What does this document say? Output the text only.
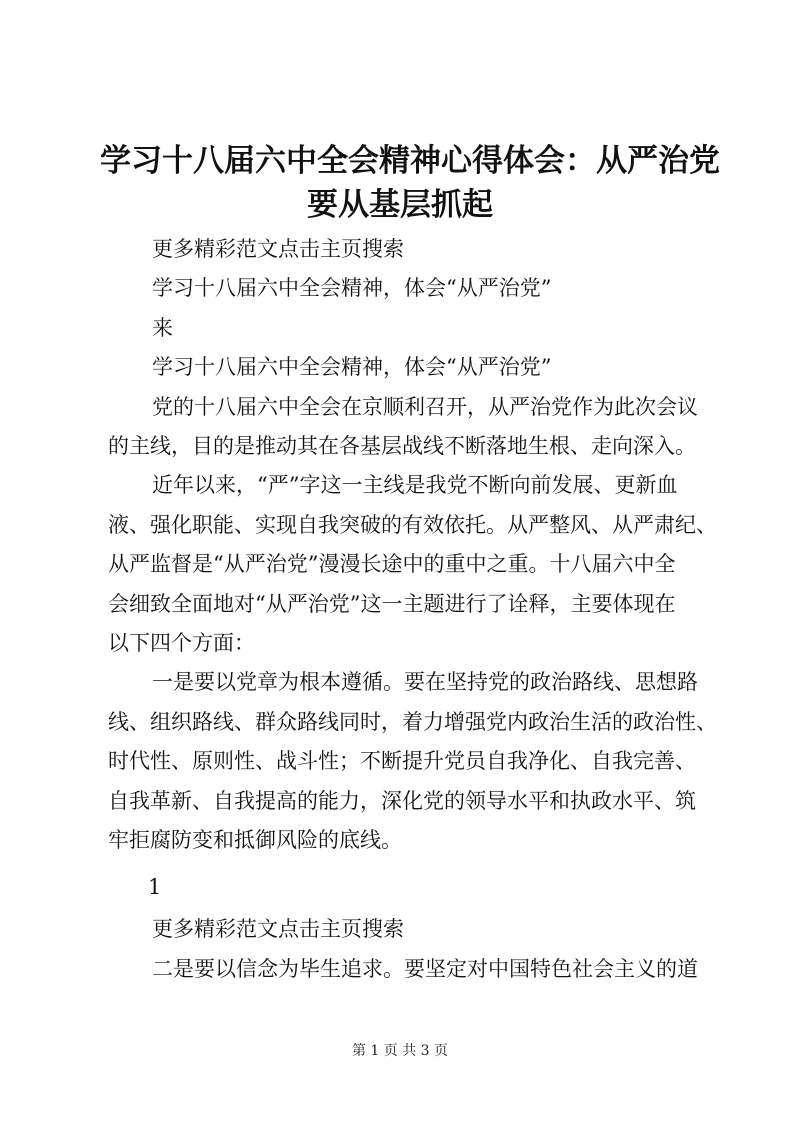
学习十八届六中全会精神心得体会：从严治党
要从基层抓起
更多精彩范文点击主页搜索
学习十八届六中全会精神，体会“从严治党”
来
学习十八届六中全会精神，体会“从严治党”
党的十八届六中全会在京顺利召开，从严治党作为此次会议
的主线，目的是推动其在各基层战线不断落地生根、走向深入。
近年以来，“严”字这一主线是我党不断向前发展、更新血
液、强化职能、实现自我突破的有效依托。从严整风、从严肃纪、
从严监督是“从严治党”漫漫长途中的重中之重。十八届六中全
会细致全面地对“从严治党”这一主题进行了诠释，主要体现在
以下四个方面：
一是要以党章为根本遵循。要在坚持党的政治路线、思想路
线、组织路线、群众路线同时，着力增强党内政治生活的政治性、
时代性、原则性、战斗性；不断提升党员自我净化、自我完善、
自我革新、自我提高的能力，深化党的领导水平和执政水平、筑
牢拒腐防变和抵御风险的底线。
1
更多精彩范文点击主页搜索
二是要以信念为毕生追求。要坚定对中国特色社会主义的道
第 1 页 共 3 页
